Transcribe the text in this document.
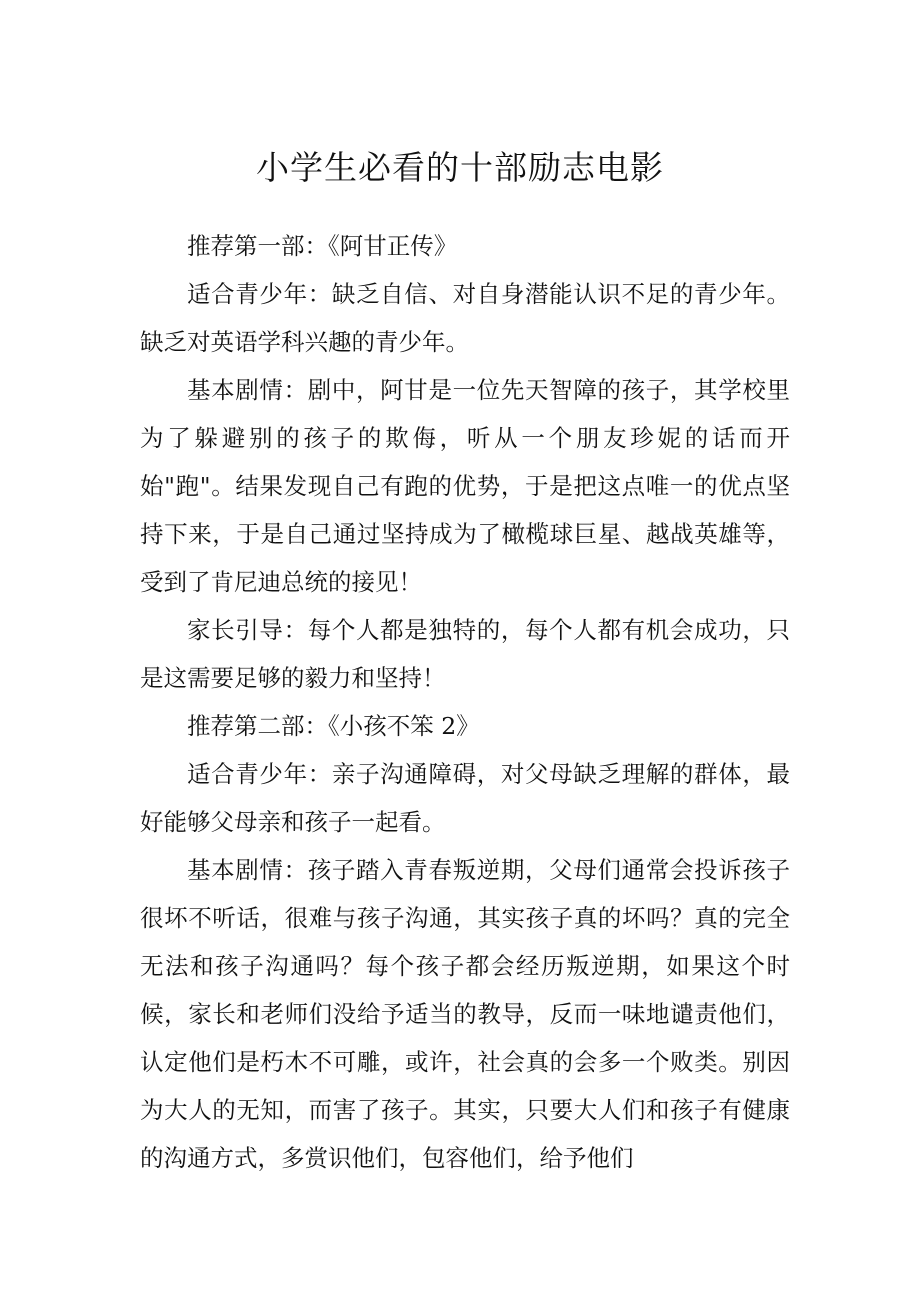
小学生必看的十部励志电影

推荐第一部：《阿甘正传》

适合青少年：缺乏自信、对自身潜能认识不足的青少年。缺乏对英语学科兴趣的青少年。

基本剧情：剧中，阿甘是一位先天智障的孩子，其学校里为了躲避别的孩子的欺侮，听从一个朋友珍妮的话而开始"跑"。结果发现自己有跑的优势，于是把这点唯一的优点坚持下来，于是自己通过坚持成为了橄榄球巨星、越战英雄等，受到了肯尼迪总统的接见！

家长引导：每个人都是独特的，每个人都有机会成功，只是这需要足够的毅力和坚持！

推荐第二部：《小孩不笨 2》

适合青少年：亲子沟通障碍，对父母缺乏理解的群体，最好能够父母亲和孩子一起看。

基本剧情：孩子踏入青春叛逆期，父母们通常会投诉孩子很坏不听话，很难与孩子沟通，其实孩子真的坏吗？真的完全无法和孩子沟通吗？每个孩子都会经历叛逆期，如果这个时候，家长和老师们没给予适当的教导，反而一味地谴责他们，认定他们是朽木不可雕，或许，社会真的会多一个败类。别因为大人的无知，而害了孩子。其实，只要大人们和孩子有健康的沟通方式，多赏识他们，包容他们，给予他们
